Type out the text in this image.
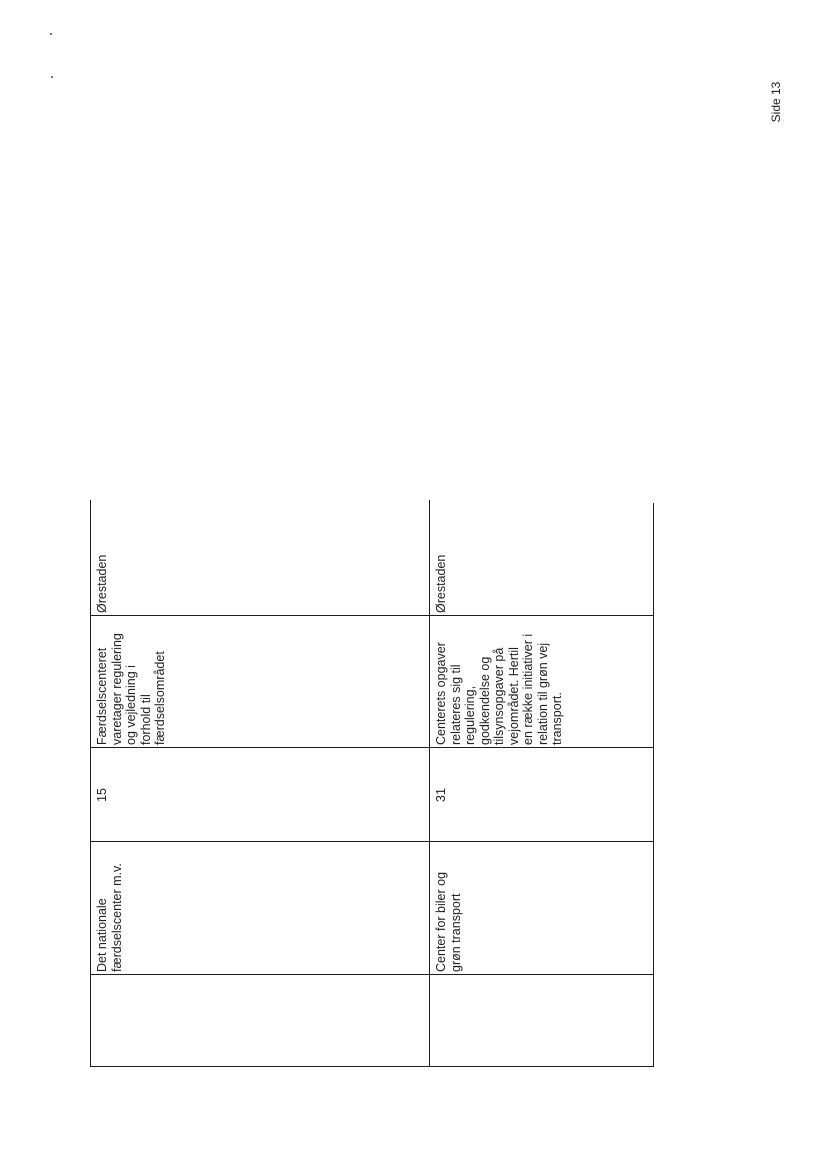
Side 13
Det nationale
færdselscenter m.v.
15
Færdselscenteret
varetager regulering
og vejledning i
forhold til
færdselsområdet
Ørestaden
Center for biler og
grøn transport
31
Centerets opgaver
relateres sig til
regulering,
godkendelse og
tilsynsopgaver på
vejområdet. Hertil
en række initiativer i
relation til grøn vej
transport.
Ørestaden
